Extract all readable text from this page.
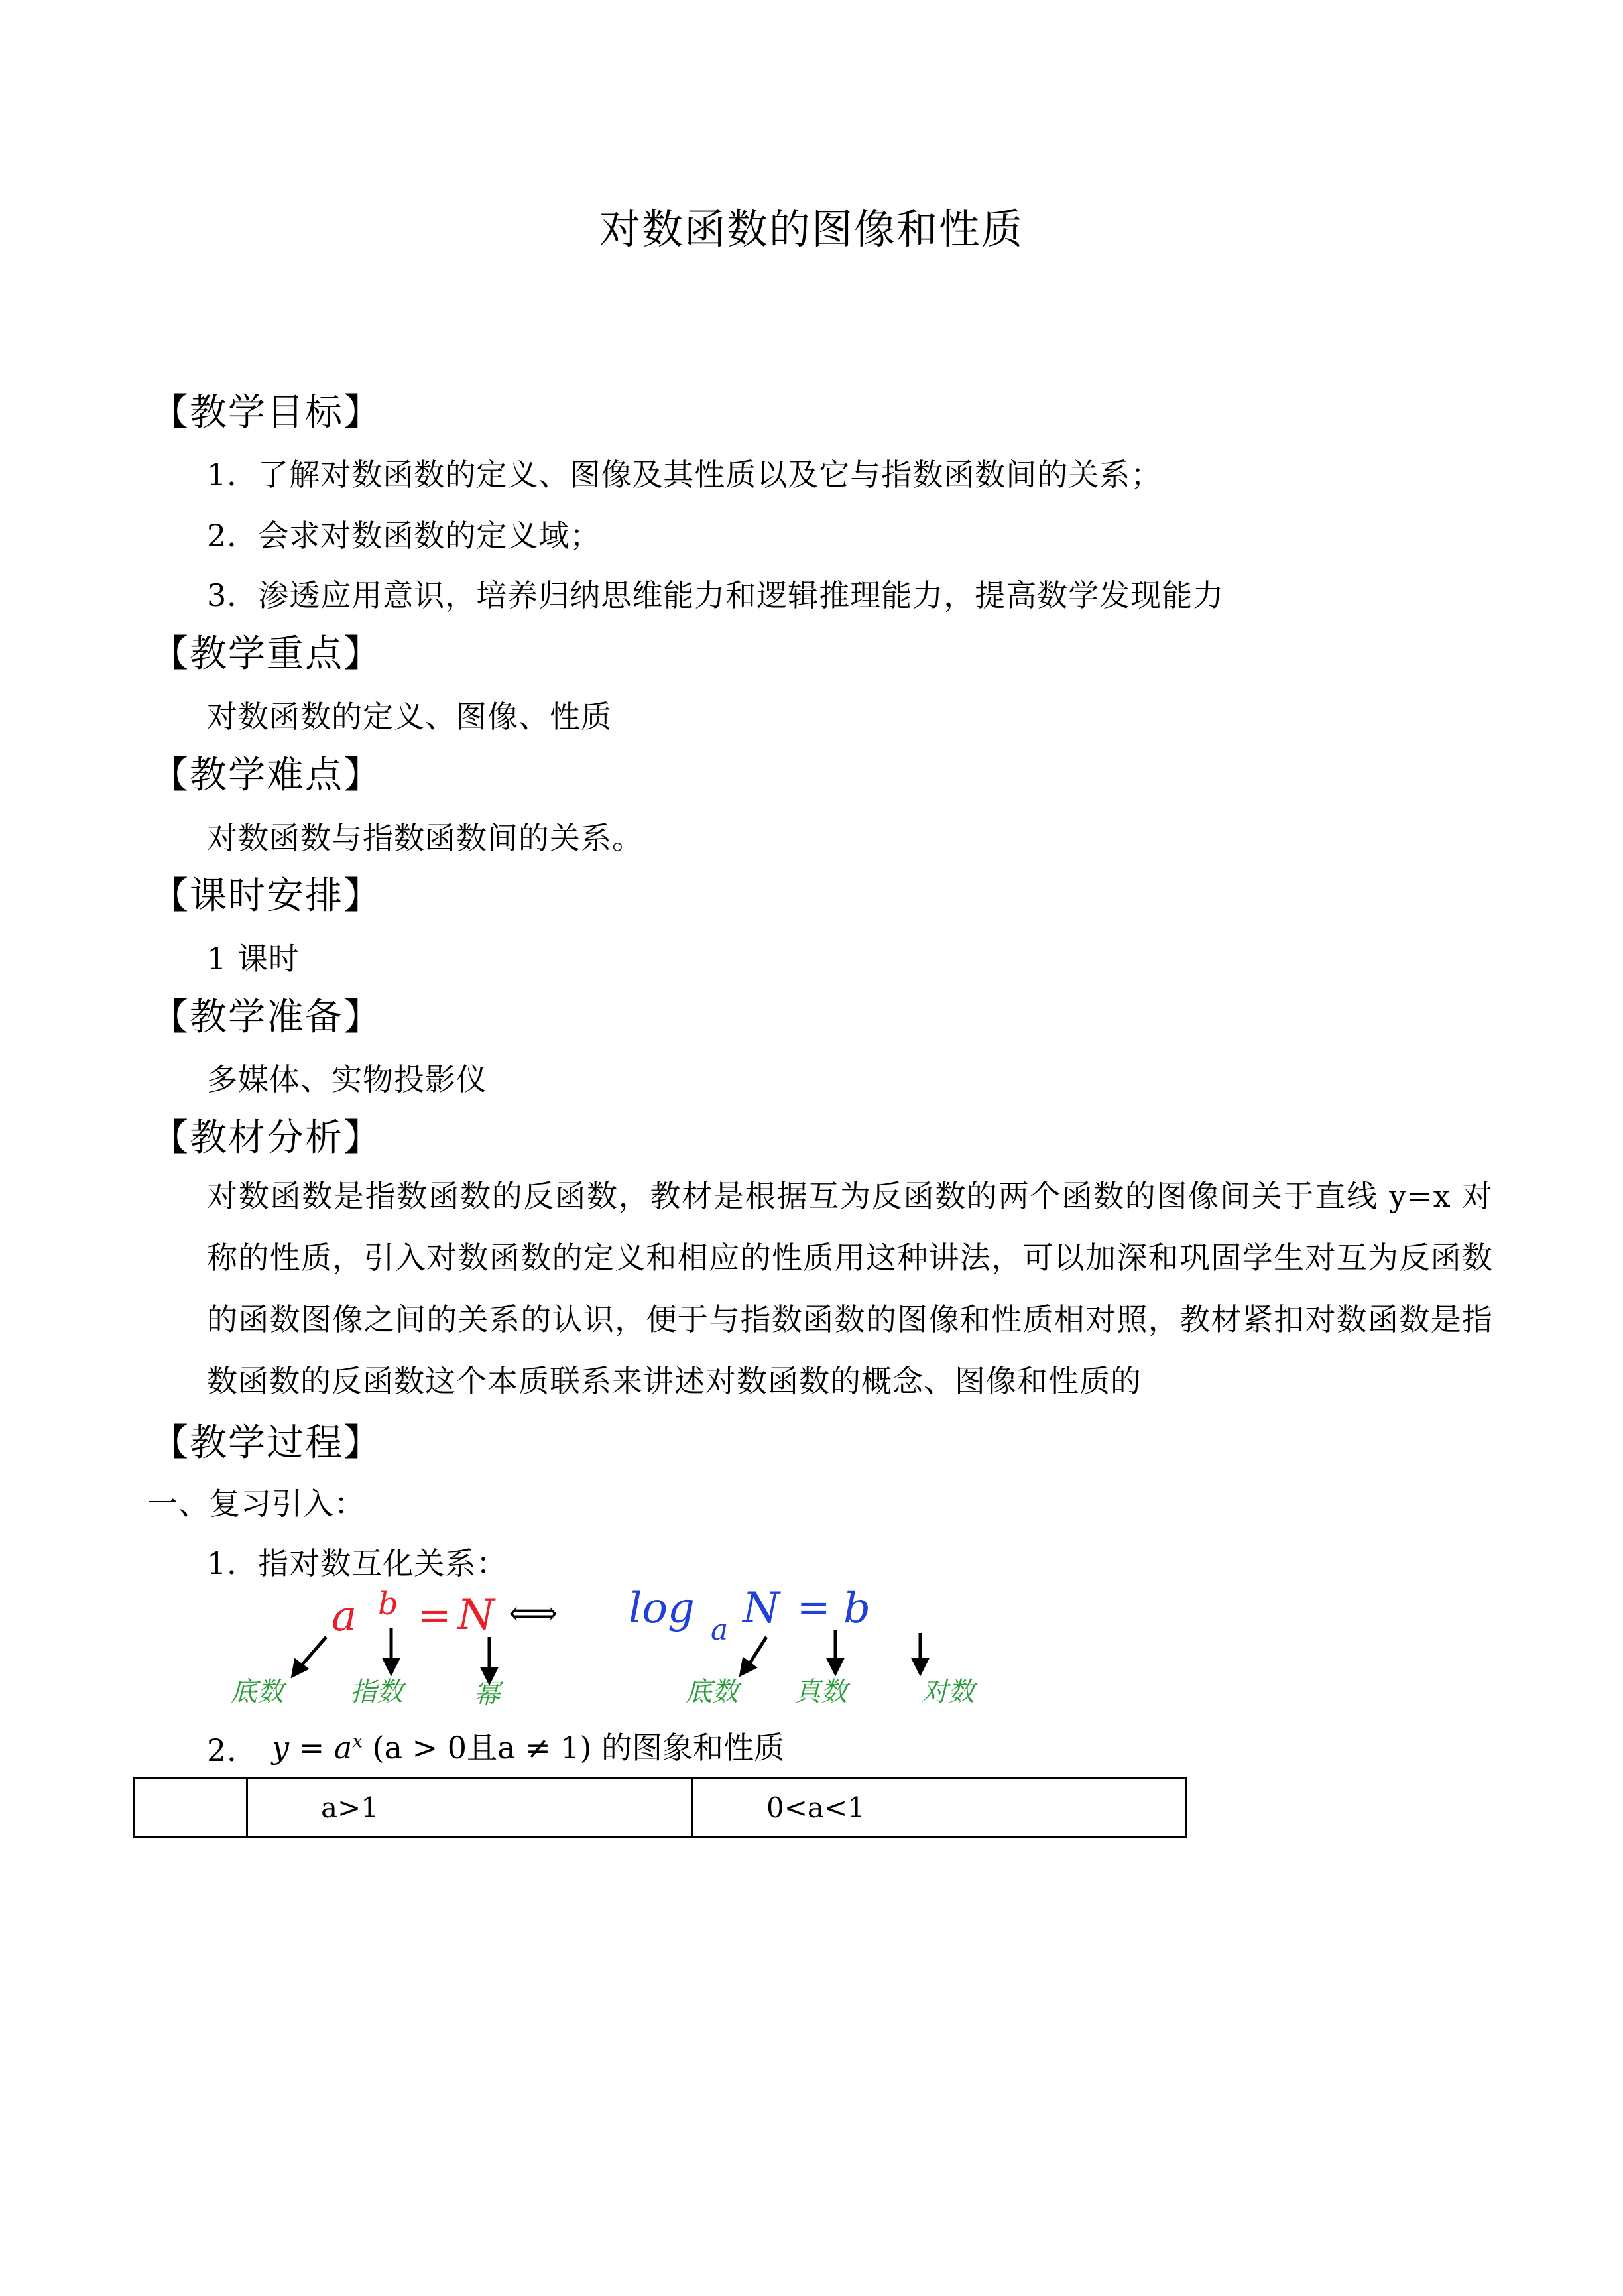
对数函数的图像和性质
【教学目标】
1．了解对数函数的定义、图像及其性质以及它与指数函数间的关系；
2．会求对数函数的定义域；
3．渗透应用意识，培养归纳思维能力和逻辑推理能力，提高数学发现能力
【教学重点】
对数函数的定义、图像、性质
【教学难点】
对数函数与指数函数间的关系。
【课时安排】
1 课时
【教学准备】
多媒体、实物投影仪
【教材分析】
对数函数是指数函数的反函数，教材是根据互为反函数的两个函数的图像间关于直线 y=x 对称的性质，引入对数函数的定义和相应的性质用这种讲法，可以加深和巩固学生对互为反函数的函数图像之间的关系的认识，便于与指数函数的图像和性质相对照，教材紧扣对数函数是指数函数的反函数这个本质联系来讲述对数函数的概念、图像和性质的
【教学过程】
一、复习引入：
1．指对数互化关系：
a b = N ⟺ log a N = b
底数	指数	幂	底数 真数	对数
2． $y = a^x$ (a > 0且a ≠ 1) 的图象和性质
	a>1	0<a<1
